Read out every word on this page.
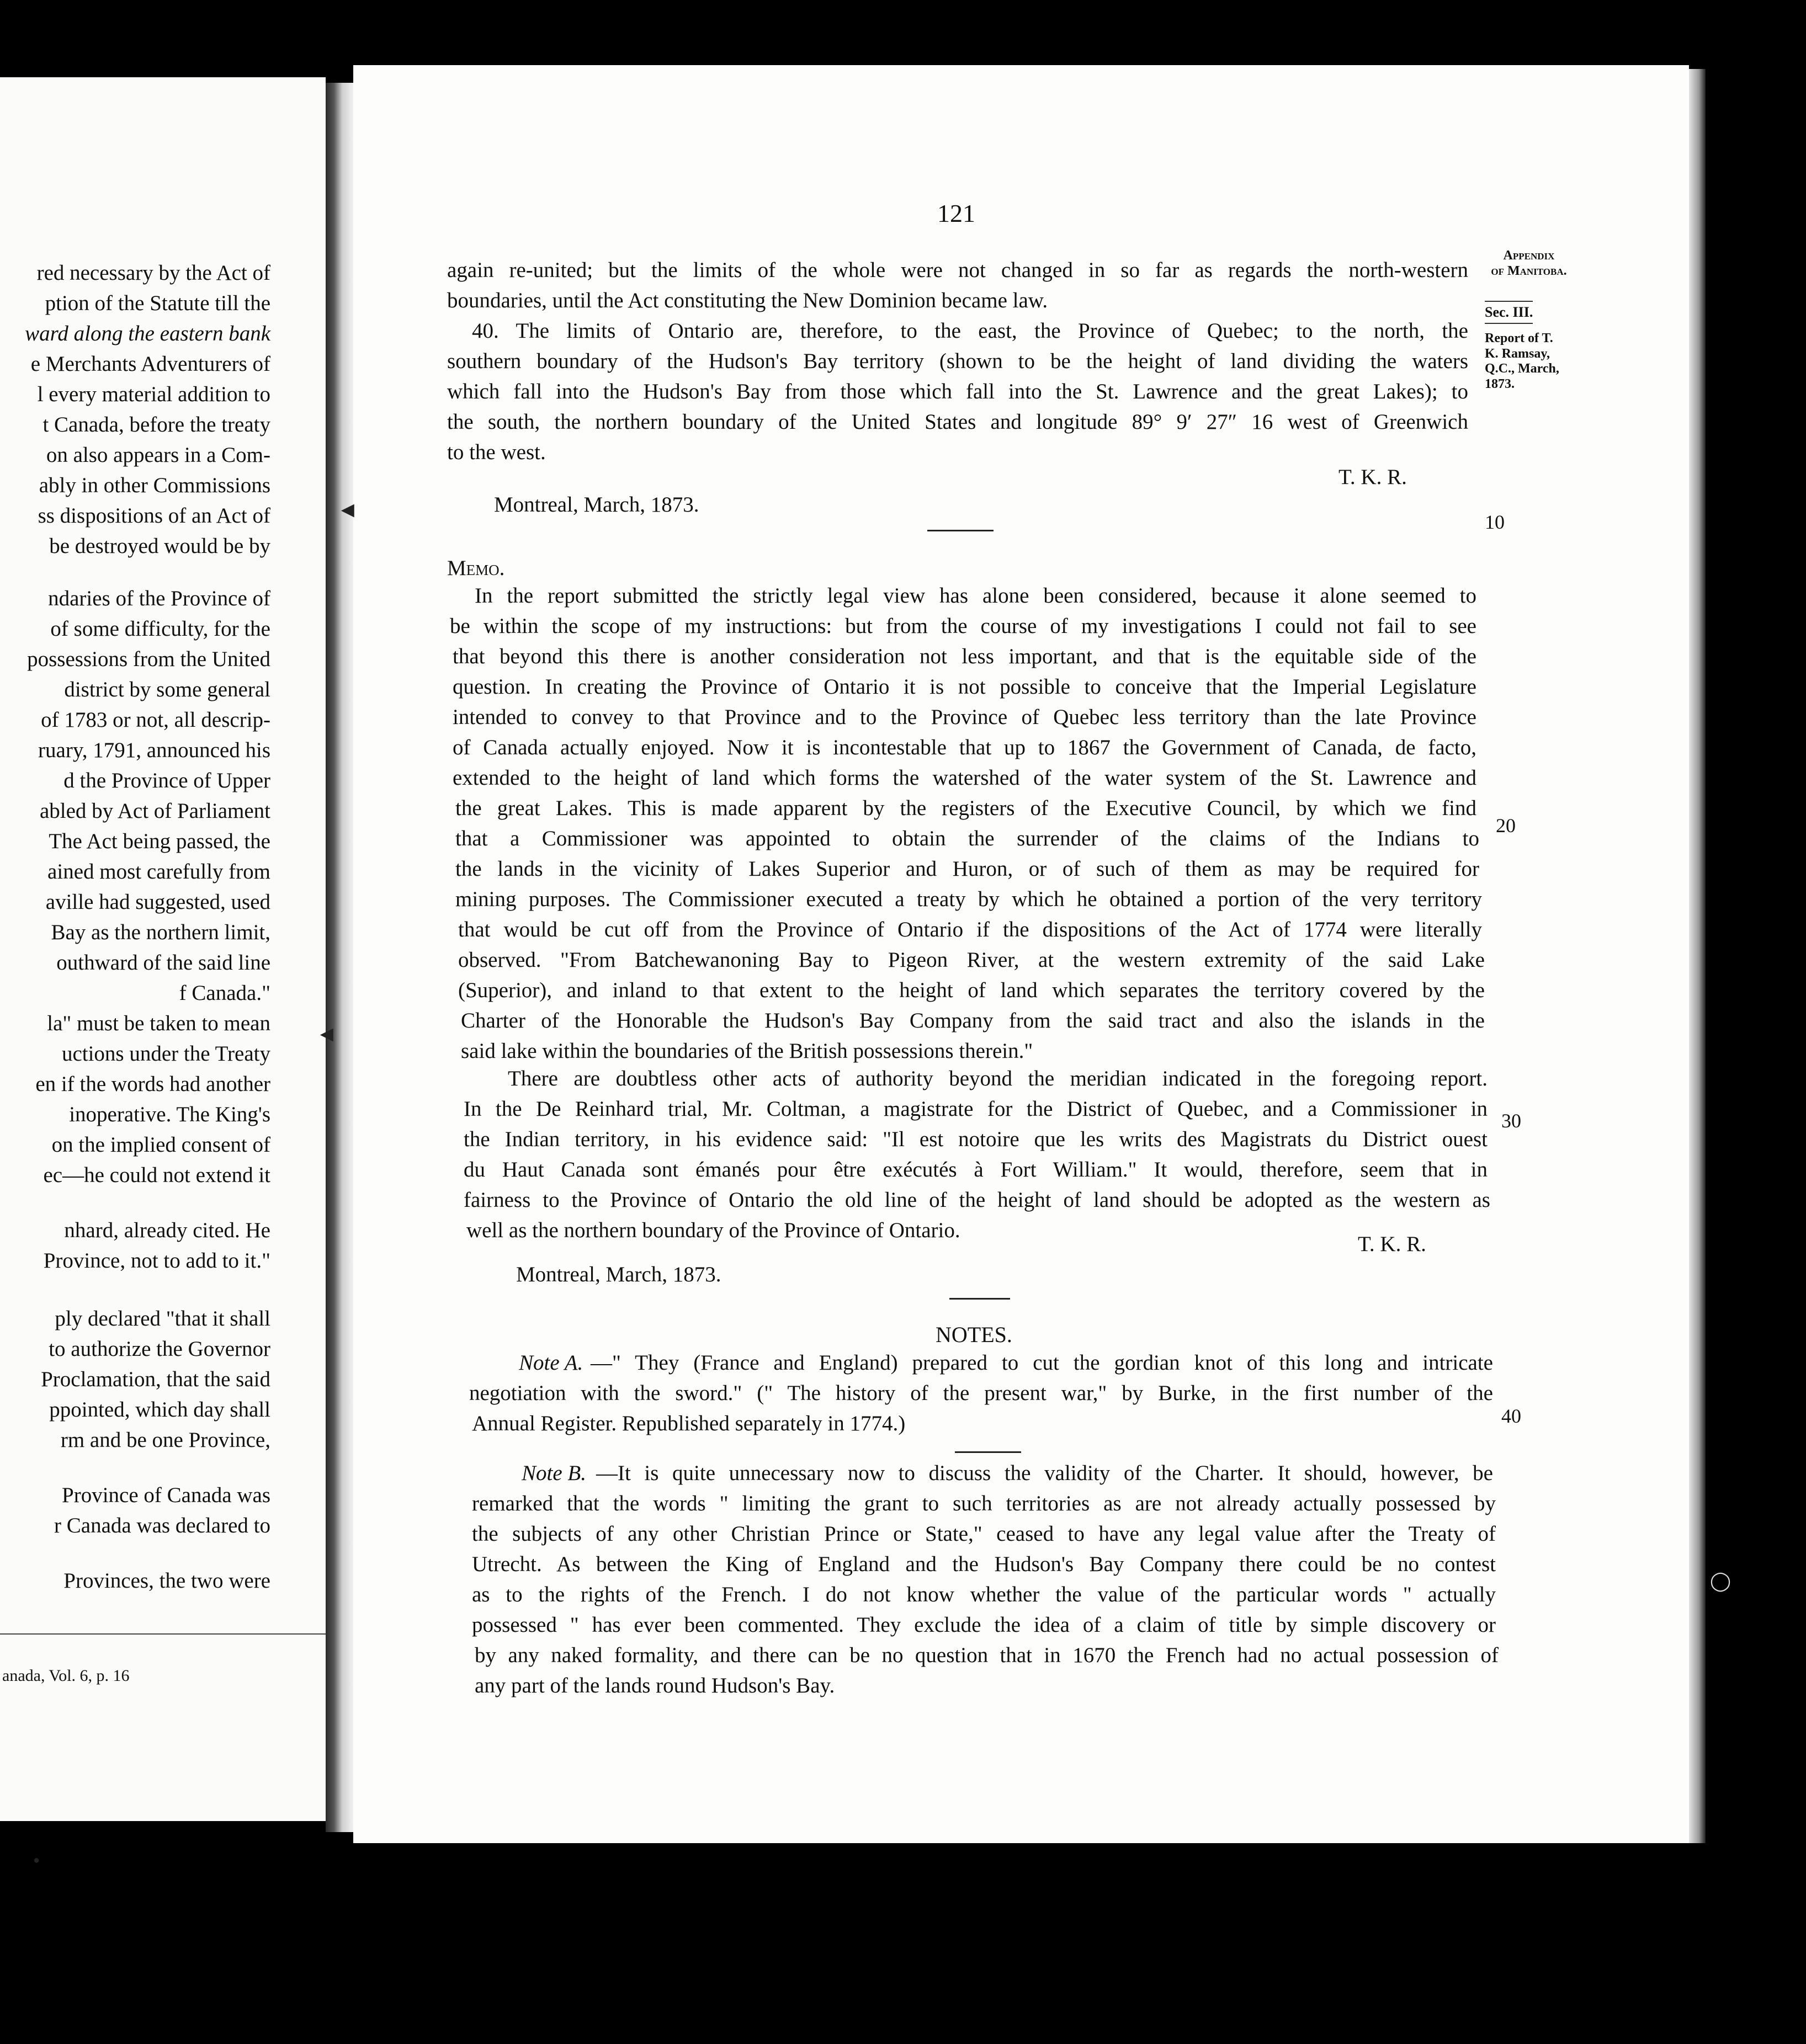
red necessary by the Act of
ption of the Statute till the
ward along the eastern bank
e Merchants Adventurers of
l every material addition to
t Canada, before the treaty
on also appears in a Com-
ably in other Commissions
ss dispositions of an Act of
be destroyed would be by
ndaries of the Province of
of some difficulty, for the
possessions from the United
district by some general
of 1783 or not, all descrip-
ruary, 1791, announced his
d the Province of Upper
abled by Act of Parliament
The Act being passed, the
ained most carefully from
aville had suggested, used
Bay as the northern limit,
outhward of the said line
f Canada."
la" must be taken to mean
uctions under the Treaty
en if the words had another
inoperative. The King's
on the implied consent of
ec—he could not extend it
nhard, already cited. He
Province, not to add to it."
ply declared "that it shall
to authorize the Governor
Proclamation, that the said
ppointed, which day shall
rm and be one Province,
Province of Canada was
r Canada was declared to
Provinces, the two were
anada, Vol. 6, p. 16
●
121
Appendix
of Manitoba.
Sec. III.
Report of T.
K. Ramsay,
Q.C., March,
1873.
10
20
30
40
again re-united; but the limits of the whole were not changed in so far as regards the north-western
boundaries, until the Act constituting the New Dominion became law.
40. The limits of Ontario are, therefore, to the east, the Province of Quebec; to the north, the
southern boundary of the Hudson's Bay territory (shown to be the height of land dividing the waters
which fall into the Hudson's Bay from those which fall into the St. Lawrence and the great Lakes); to
the south, the northern boundary of the United States and longitude 89° 9′ 27″ 16 west of Greenwich
to the west.
T. K. R.
Montreal, March, 1873.
Memo.
In the report submitted the strictly legal view has alone been considered, because it alone seemed to
be within the scope of my instructions: but from the course of my investigations I could not fail to see
that beyond this there is another consideration not less important, and that is the equitable side of the
question. In creating the Province of Ontario it is not possible to conceive that the Imperial Legislature
intended to convey to that Province and to the Province of Quebec less territory than the late Province
of Canada actually enjoyed. Now it is incontestable that up to 1867 the Government of Canada, de facto,
extended to the height of land which forms the watershed of the water system of the St. Lawrence and
the great Lakes. This is made apparent by the registers of the Executive Council, by which we find
that a Commissioner was appointed to obtain the surrender of the claims of the Indians to
the lands in the vicinity of Lakes Superior and Huron, or of such of them as may be required for
mining purposes. The Commissioner executed a treaty by which he obtained a portion of the very territory
that would be cut off from the Province of Ontario if the dispositions of the Act of 1774 were literally
observed. "From Batchewanoning Bay to Pigeon River, at the western extremity of the said Lake
(Superior), and inland to that extent to the height of land which separates the territory covered by the
Charter of the Honorable the Hudson's Bay Company from the said tract and also the islands in the
said lake within the boundaries of the British possessions therein."
There are doubtless other acts of authority beyond the meridian indicated in the foregoing report.
In the De Reinhard trial, Mr. Coltman, a magistrate for the District of Quebec, and a Commissioner in
the Indian territory, in his evidence said: "Il est notoire que les writs des Magistrats du District ouest
du Haut Canada sont émanés pour être exécutés à Fort William." It would, therefore, seem that in
fairness to the Province of Ontario the old line of the height of land should be adopted as the western as
well as the northern boundary of the Province of Ontario.
T. K. R.
Montreal, March, 1873.
NOTES.
Note A. —" They (France and England) prepared to cut the gordian knot of this long and intricate
negotiation with the sword." (" The history of the present war," by Burke, in the first number of the
Annual Register. Republished separately in 1774.)
Note B. —It is quite unnecessary now to discuss the validity of the Charter. It should, however, be
remarked that the words " limiting the grant to such territories as are not already actually possessed by
the subjects of any other Christian Prince or State," ceased to have any legal value after the Treaty of
Utrecht. As between the King of England and the Hudson's Bay Company there could be no contest
as to the rights of the French. I do not know whether the value of the particular words " actually
possessed " has ever been commented. They exclude the idea of a claim of title by simple discovery or
by any naked formality, and there can be no question that in 1670 the French had no actual possession of
any part of the lands round Hudson's Bay.
◄
◄
◯
